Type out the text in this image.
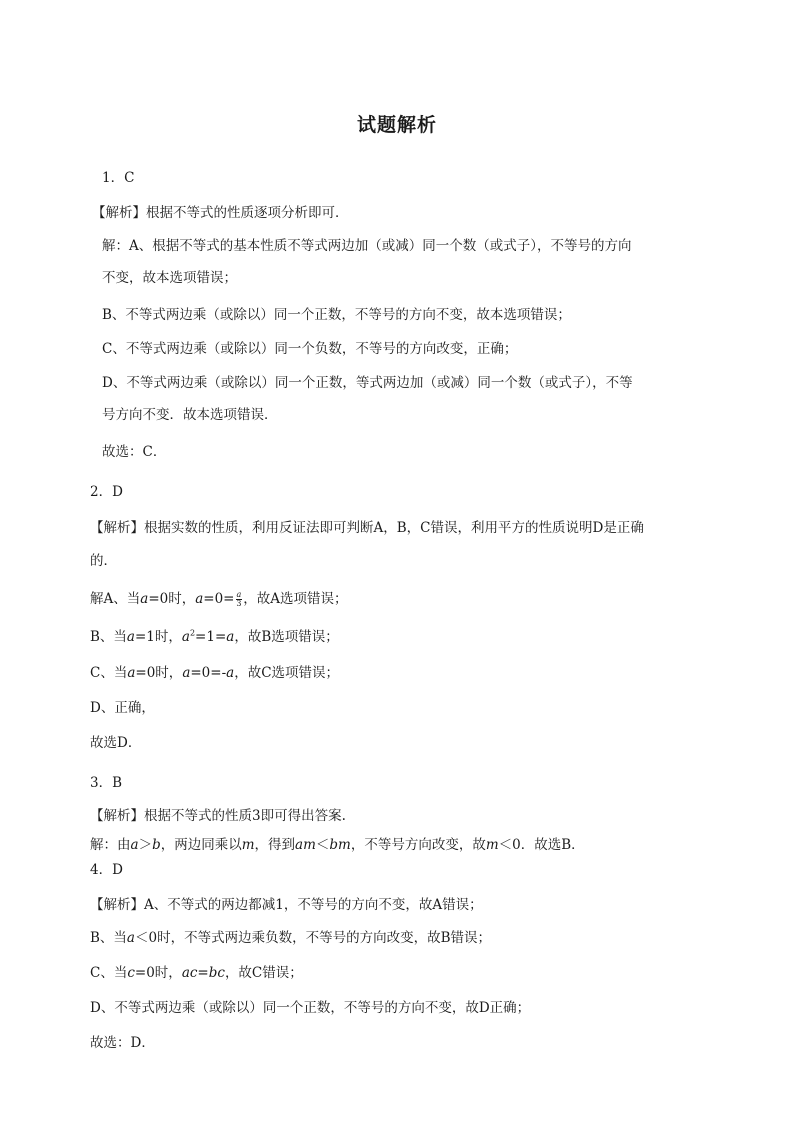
试题解析
1．C
【解析】根据不等式的性质逐项分析即可．
解：A、根据不等式的基本性质不等式两边加（或减）同一个数（或式子），不等号的方向
不变，故本选项错误；
B、不等式两边乘（或除以）同一个正数，不等号的方向不变，故本选项错误；
C、不等式两边乘（或除以）同一个负数，不等号的方向改变，正确；
D、不等式两边乘（或除以）同一个正数，等式两边加（或减）同一个数（或式子），不等
号方向不变．故本选项错误．
故选：C．
2．D
【解析】根据实数的性质，利用反证法即可判断A，B，C错误，利用平方的性质说明D是正确
的．
解A、当a=0时，$a=0= \frac{a}{3}$ ，故A选项错误；
B、当a=1时，$a^2=1=a$，故B选项错误；
C、当a=0时，a=0=-a，故C选项错误；
D、正确，
故选D．
3．B
【解析】根据不等式的性质3即可得出答案.
解：由a＞b，两边同乘以m，得到am＜bm，不等号方向改变，故m＜0．故选B．
4．D
【解析】A、不等式的两边都减1，不等号的方向不变，故A错误；
B、当a＜0时，不等式两边乘负数，不等号的方向改变，故B错误；
C、当c=0时，ac=bc，故C错误；
D、不等式两边乘（或除以）同一个正数，不等号的方向不变，故D正确；
故选：D．
